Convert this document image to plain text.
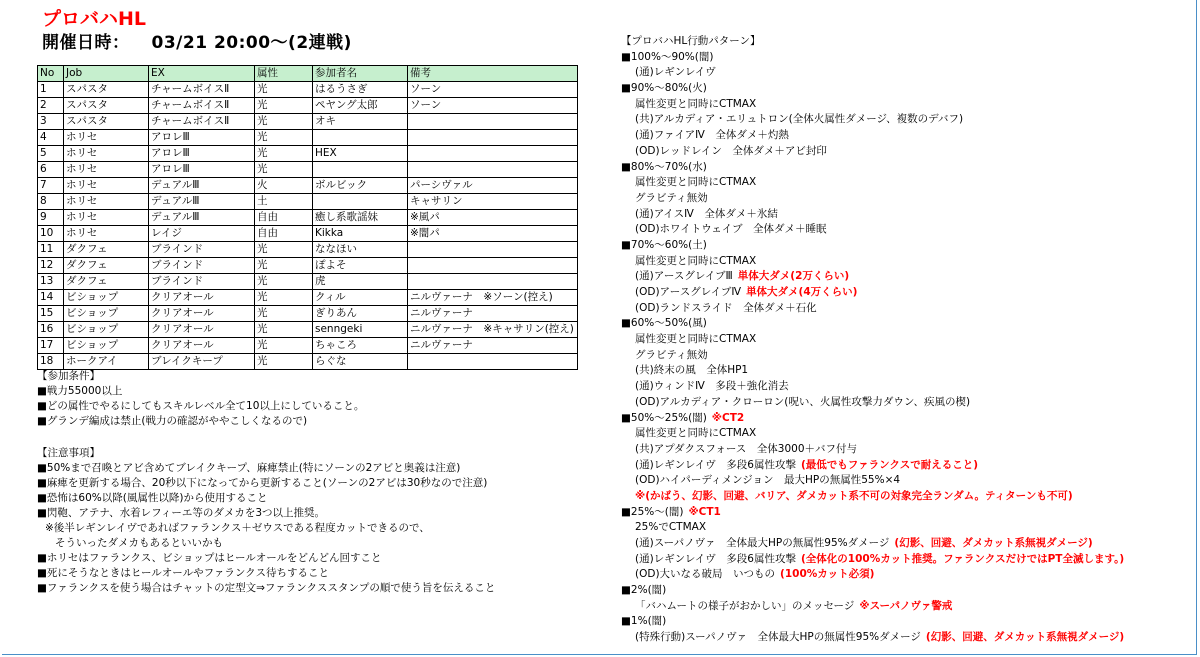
プロバハHL
開催日時： 03/21 20:00～(2連戦)
No	Job	EX	属性	参加者名	備考
1	スパスタ	チャームボイスⅡ	光	はるうさぎ	ソーン
2	スパスタ	チャームボイスⅡ	光	ペヤング太郎	ソーン
3	スパスタ	チャームボイスⅡ	光	オキ	
4	ホリセ	アロレⅢ	光		
5	ホリセ	アロレⅢ	光	HEX	
6	ホリセ	アロレⅢ	光		
7	ホリセ	デュアルⅢ	火	ボルビック	パーシヴァル
8	ホリセ	デュアルⅢ	土		キャサリン
9	ホリセ	デュアルⅢ	自由	癒し系歌謡妹	※風パ
10	ホリセ	レイジ	自由	Kikka	※闇パ
11	ダクフェ	ブラインド	光	ななほい	
12	ダクフェ	ブラインド	光	ぽよそ	
13	ダクフェ	ブラインド	光	虎	
14	ビショップ	クリアオール	光	クィル	ニルヴァーナ　※ソーン(控え)
15	ビショップ	クリアオール	光	ぎりあん	ニルヴァーナ
16	ビショップ	クリアオール	光	senngeki	ニルヴァーナ　※キャサリン(控え)
17	ビショップ	クリアオール	光	ちゃころ	ニルヴァーナ
18	ホークアイ	ブレイクキープ	光	らぐな	
【参加条件】
■戦力55000以上
■どの属性でやるにしてもスキルレベル全て10以上にしていること。
■グランデ編成は禁止(戦力の確認がややこしくなるので)
【注意事項】
■50%まで召喚とアビ含めてブレイクキープ、麻痺禁止(特にソーンの2アビと奥義は注意)
■麻痺を更新する場合、20秒以下になってから更新すること(ソーンの2アビは30秒なので注意)
■恐怖は60%以降(風属性以降)から使用すること
■閃鞄、アテナ、水着レフィーエ等のダメカを3つ以上推奨。
※後半レギンレイヴであればファランクス＋ゼウスである程度カットできるので、
そういったダメカもあるといいかも
■ホリセはファランクス、ビショップはヒールオールをどんどん回すこと
■死にそうなときはヒールオールやファランクス待ちすること
■ファランクスを使う場合はチャットの定型文⇒ファランクススタンプの順で使う旨を伝えること
【プロバハHL行動パターン】
■100%～90%(闇)
(通)レギンレイヴ
■90%～80%(火)
属性変更と同時にCTMAX
(共)アルカディア・エリュトロン(全体火属性ダメージ、複数のデバフ)
(通)ファイアⅣ　全体ダメ＋灼熱
(OD)レッドレイン　全体ダメ＋アビ封印
■80%～70%(水)
属性変更と同時にCTMAX
グラビティ無効
(通)アイスⅣ　全体ダメ＋氷結
(OD)ホワイトウェイブ　全体ダメ＋睡眠
■70%～60%(土)
属性変更と同時にCTMAX
(通)アースグレイブⅢ 単体大ダメ(2万くらい)
(OD)アースグレイブⅣ 単体大ダメ(4万くらい)
(OD)ランドスライド　全体ダメ＋石化
■60%～50%(風)
属性変更と同時にCTMAX
グラビティ無効
(共)終末の風　全体HP1
(通)ウィンドⅣ　多段＋強化消去
(OD)アルカディア・クローロン(呪い、火属性攻撃力ダウン、疾風の楔)
■50%～25%(闇) ※CT2
属性変更と同時にCTMAX
(共)アプダクスフォース　全体3000＋バフ付与
(通)レギンレイヴ　多段6属性攻撃 (最低でもファランクスで耐えること)
(OD)ハイパーディメンジョン　最大HPの無属性55%×4
※(かばう、幻影、回避、バリア、ダメカット系不可の対象完全ランダム。ティターンも不可)
■25%～(闇) ※CT1
25%でCTMAX
(通)スーパノヴァ　全体最大HPの無属性95%ダメージ (幻影、回避、ダメカット系無視ダメージ)
(通)レギンレイヴ　多段6属性攻撃 (全体化の100%カット推奨。ファランクスだけではPT全滅します。)
(OD)大いなる破局　いつもの (100%カット必須)
■2%(闇)
「バハムートの様子がおかしい」のメッセージ ※スーパノヴァ警戒
■1%(闇)
(特殊行動)スーパノヴァ　全体最大HPの無属性95%ダメージ (幻影、回避、ダメカット系無視ダメージ)
